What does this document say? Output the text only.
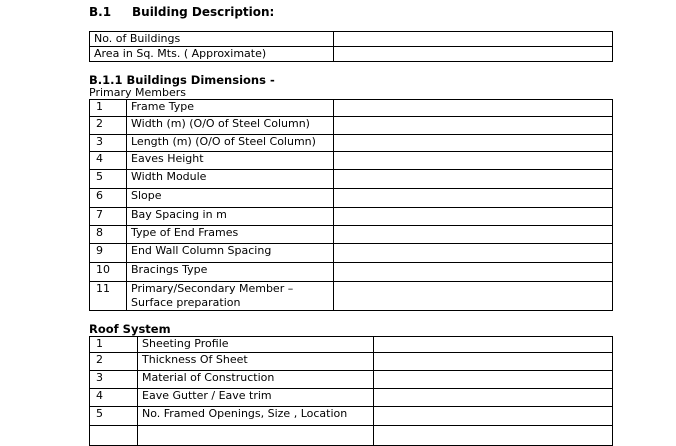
B.1 Building Description:
No. of Buildings	
Area in Sq. Mts. ( Approximate)	
B.1.1 Buildings Dimensions -
Primary Members
1	Frame Type	
2	Width (m) (O/O of Steel Column)	
3	Length (m) (O/O of Steel Column)	
4	Eaves Height	
5	Width Module	
6	Slope	
7	Bay Spacing in m	
8	Type of End Frames	
9	End Wall Column Spacing	
10	Bracings Type	
11	Primary/Secondary Member –
Surface preparation	
Roof System
1	Sheeting Profile	
2	Thickness Of Sheet	
3	Material of Construction	
4	Eave Gutter / Eave trim	
5	No. Framed Openings, Size , Location	
